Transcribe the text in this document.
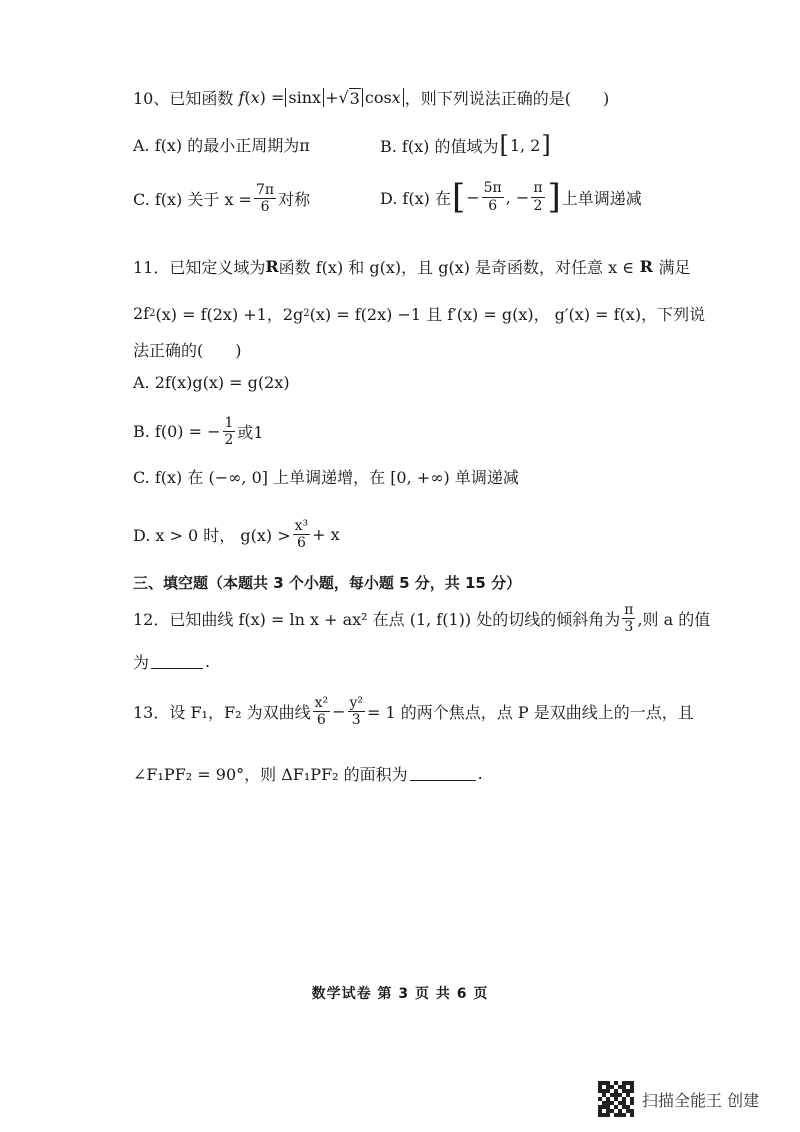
10、已知函数 f ( x ) = sinx + √ 3 cosx ，则下列说法正确的是(　　)
A. f(x) 的最小正周期为π	B. f(x) 的值域为 [ 1, 2 ]
C. f(x) 关于 $x = \frac{7\pi}{6}$ 对称	D. f(x) 在 [ − $\frac{5\pi}{6}$ , − $\frac{\pi}{2}$ ] 上单调递减
11．已知定义域为 R 函数 f(x) 和 g(x)，且 g(x) 是奇函数，对任意 x ∈ R 满足
2f 2 (x) = f(2x) +1，2g 2 (x) = f(2x) −1 且 f′(x) = g(x)， g′(x) = f(x)，下列说
法正确的(　　)
A. 2f(x)g(x) = g(2x)
B. f(0) = − $\frac{1}{2}$ 或1
C. f(x) 在 (−∞, 0] 上单调递增，在 [0, +∞) 单调递减
D. x > 0 时， $g(x) > \frac{\text{x³}}{6} + x$
三、填空题（本题共 3 个小题，每小题 5 分，共 15 分）
12．已知曲线 f(x) = ln x + ax² 在点 (1, f(1)) 处的切线的倾斜角为 $\frac{\pi}{3}$ ,则 a 的值
为	.
13．设 F₁，F₂ 为双曲线 $\frac{\text{x²}}{6} - \frac{\text{y²}}{3} = 1$ 的两个焦点，点 P 是双曲线上的一点，且
∠F₁PF₂ = 90°，则 ΔF₁PF₂ 的面积为	.
数学试卷 第 3 页 共 6 页
扫描全能王 创建
